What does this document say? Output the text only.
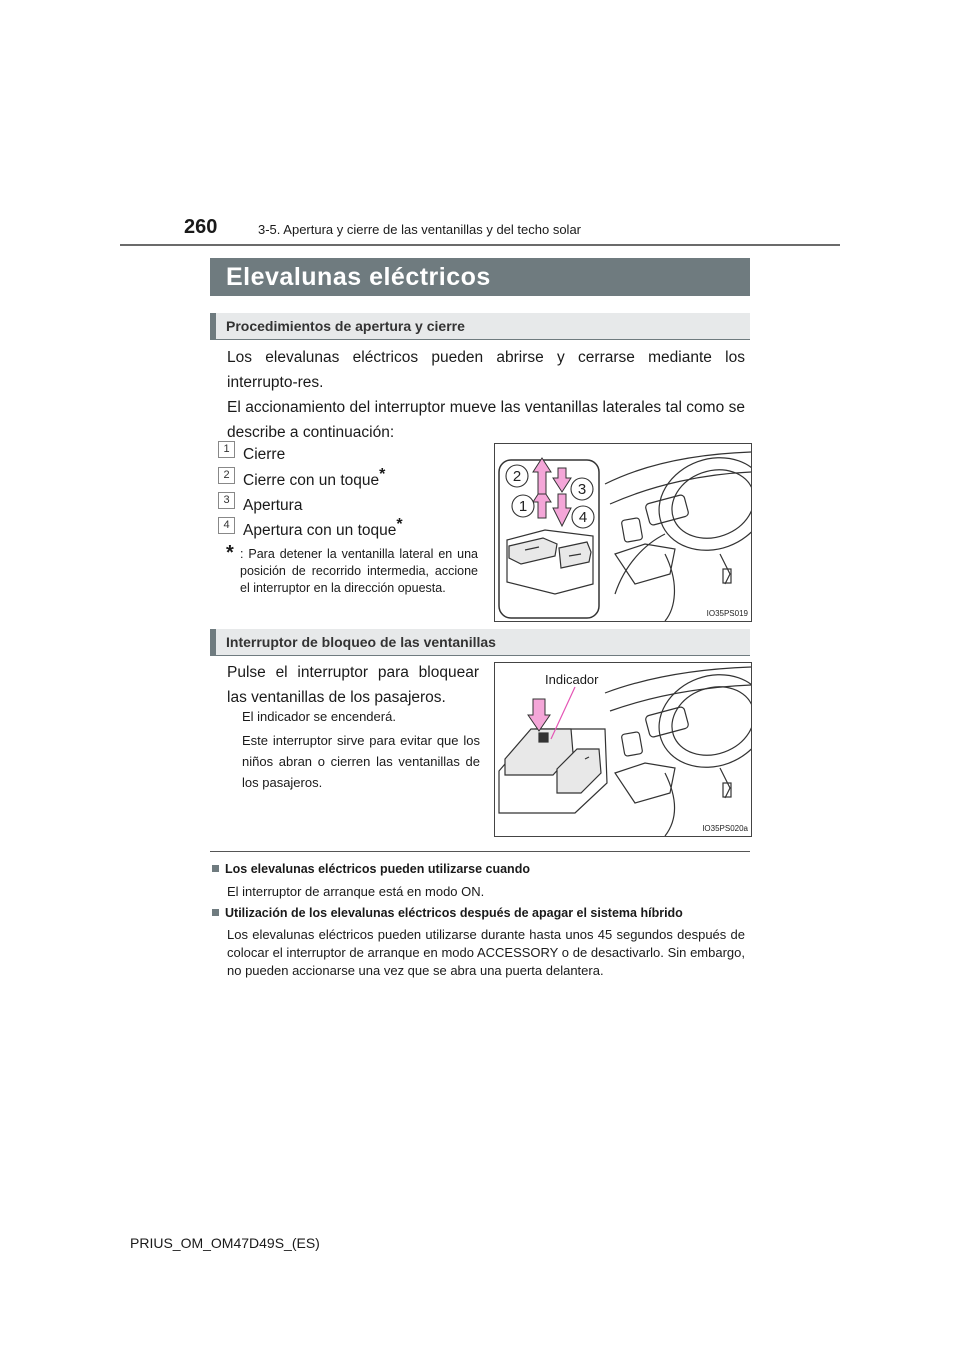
260	3-5. Apertura y cierre de las ventanillas y del techo solar
Elevalunas eléctricos
Procedimientos de apertura y cierre
Los elevalunas eléctricos pueden abrirse y cerrarse mediante los interrupto-res.
El accionamiento del interruptor mueve las ventanillas laterales tal como se describe a continuación:
1 Cierre
2 Cierre con un toque*
3 Apertura
4 Apertura con un toque*
* : Para detener la ventanilla lateral en una posición de recorrido intermedia, accione el interruptor en la dirección opuesta.
2
3
1
4
IO35PS019
Interruptor de bloqueo de las ventanillas
Pulse el interruptor para bloquear las ventanillas de los pasajeros.
El indicador se encenderá.
Este interruptor sirve para evitar que los niños abran o cierren las ventanillas de los pasajeros.
Indicador
IO35PS020a
Los elevalunas eléctricos pueden utilizarse cuando
El interruptor de arranque está en modo ON.
Utilización de los elevalunas eléctricos después de apagar el sistema híbrido
Los elevalunas eléctricos pueden utilizarse durante hasta unos 45 segundos después de colocar el interruptor de arranque en modo ACCESSORY o de desactivarlo. Sin embargo, no pueden accionarse una vez que se abra una puerta delantera.
PRIUS_OM_OM47D49S_(ES)
